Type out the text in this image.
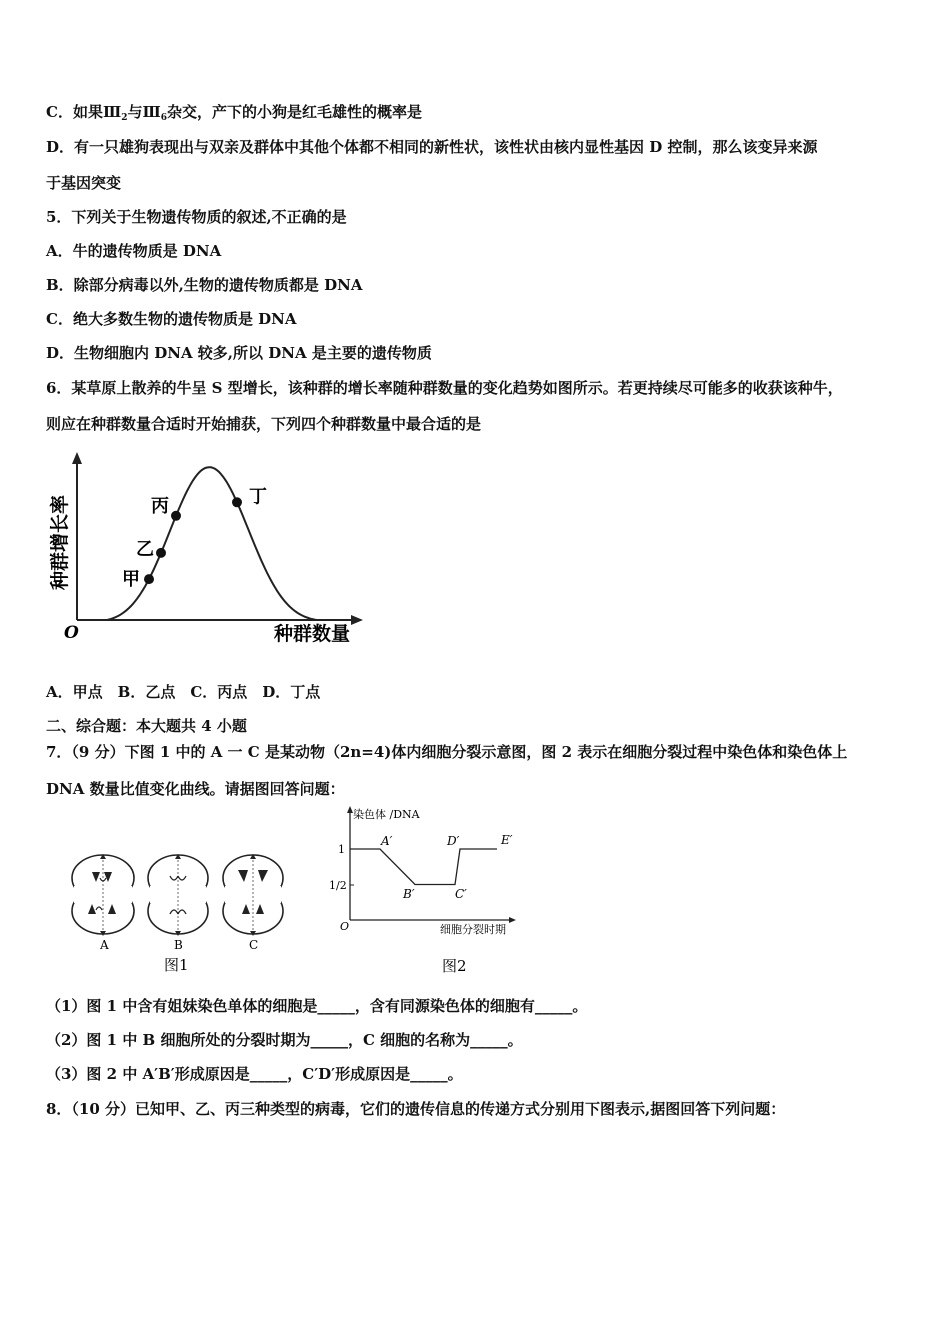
C．如果$Ⅲ_2$与$Ⅲ_6$杂交，产下的小狗是红毛雄性的概率是
D．有一只雄狗表现出与双亲及群体中其他个体都不相同的新性状，该性状由核内显性基因 D 控制，那么该变异来源
于基因突变
5．下列关于生物遗传物质的叙述,不正确的是
A．牛的遗传物质是 DNA
B．除部分病毒以外,生物的遗传物质都是 DNA
C．绝大多数生物的遗传物质是 DNA
D．生物细胞内 DNA 较多,所以 DNA 是主要的遗传物质
6．某草原上散养的牛呈 S 型增长，该种群的增长率随种群数量的变化趋势如图所示。若更持续尽可能多的收获该种牛，
则应在种群数量合适时开始捕获，下列四个种群数量中最合适的是
O	种群数量
种群增长率	甲
乙
丙	丁
A．甲点　B．乙点　C．丙点　D．丁点
二、综合题：本大题共 4 小题
7．（9 分）下图 1 中的 A 一 C 是某动物（2n=4)体内细胞分裂示意图，图 2 表示在细胞分裂过程中染色体和染色体上
DNA 数量比值变化曲线。请据图回答问题：
A	B	C
图1
染色体 /DNA
细胞分裂时期
O
1
1/2
A′
B′	C′
D′	E′
图2
（1）图 1 中含有姐妹染色单体的细胞是_____，含有同源染色体的细胞有_____。
（2）图 1 中 B 细胞所处的分裂时期为_____，C 细胞的名称为_____。
（3）图 2 中 A′B′形成原因是_____，C′D′形成原因是_____。
8．（10 分）已知甲、乙、丙三种类型的病毒，它们的遗传信息的传递方式分别用下图表示,据图回答下列问题：
